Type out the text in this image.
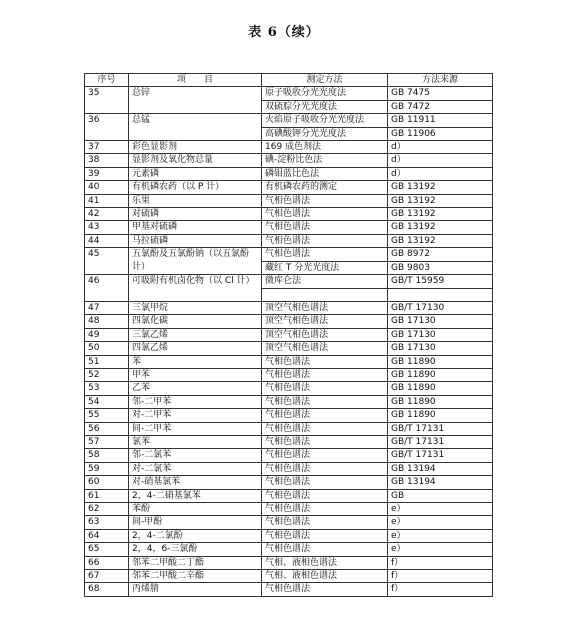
表 6（续）
序号	项　　目	测定方法	方法来源
35	总锌	原子吸收分光光度法	GB 7475
		双硫腙分光光度法	GB 7472
36	总锰	火焰原子吸收分光光度法	GB 11911
		高碘酸钾分光光度法	GB 11906
37	彩色显影剂	169 成色剂法	d）
38	显影剂及氧化物总量	碘-淀粉比色法	d）
39	元素磷	磷钼蓝比色法	d）
40	有机磷农药（以 P 计）	有机磷农药的测定	GB 13192
41	乐果	气相色谱法	GB 13192
42	对硫磷	气相色谱法	GB 13192
43	甲基对硫磷	气相色谱法	GB 13192
44	马拉硫磷	气相色谱法	GB 13192
45	五氯酚及五氯酚钠（以五氯酚计）	气相色谱法	GB 8972
		藏红 T 分光光度法	GB 9803
46	可吸附有机卤化物（以 Cl 计）	微库仑法	GB/T 15959

47	三氯甲烷	顶空气相色谱法	GB/T 17130
48	四氯化碳	顶空气相色谱法	GB 17130
49	三氯乙烯	顶空气相色谱法	GB 17130
50	四氯乙烯	顶空气相色谱法	GB 17130
51	苯	气相色谱法	GB 11890
52	甲苯	气相色谱法	GB 11890
53	乙苯	气相色谱法	GB 11890
54	邻-二甲苯	气相色谱法	GB 11890
55	对-二甲苯	气相色谱法	GB 11890
56	间-二甲苯	气相色谱法	GB/T 17131
57	氯苯	气相色谱法	GB/T 17131
58	邻-二氯苯	气相色谱法	GB/T 17131
59	对-二氯苯	气相色谱法	GB 13194
60	对-硝基氯苯	气相色谱法	GB 13194
61	2，4-二硝基氯苯	气相色谱法	GB
62	苯酚	气相色谱法	e）
63	间-甲酚	气相色谱法	e）
64	2，4-二氯酚	气相色谱法	e）
65	2，4，6-三氯酚	气相色谱法	e）
66	邻苯二甲酸二丁酯	气相、液相色谱法	f）
67	邻苯二甲酸二辛酯	气相、液相色谱法	f）
68	丙烯腈	气相色谱法	f）
